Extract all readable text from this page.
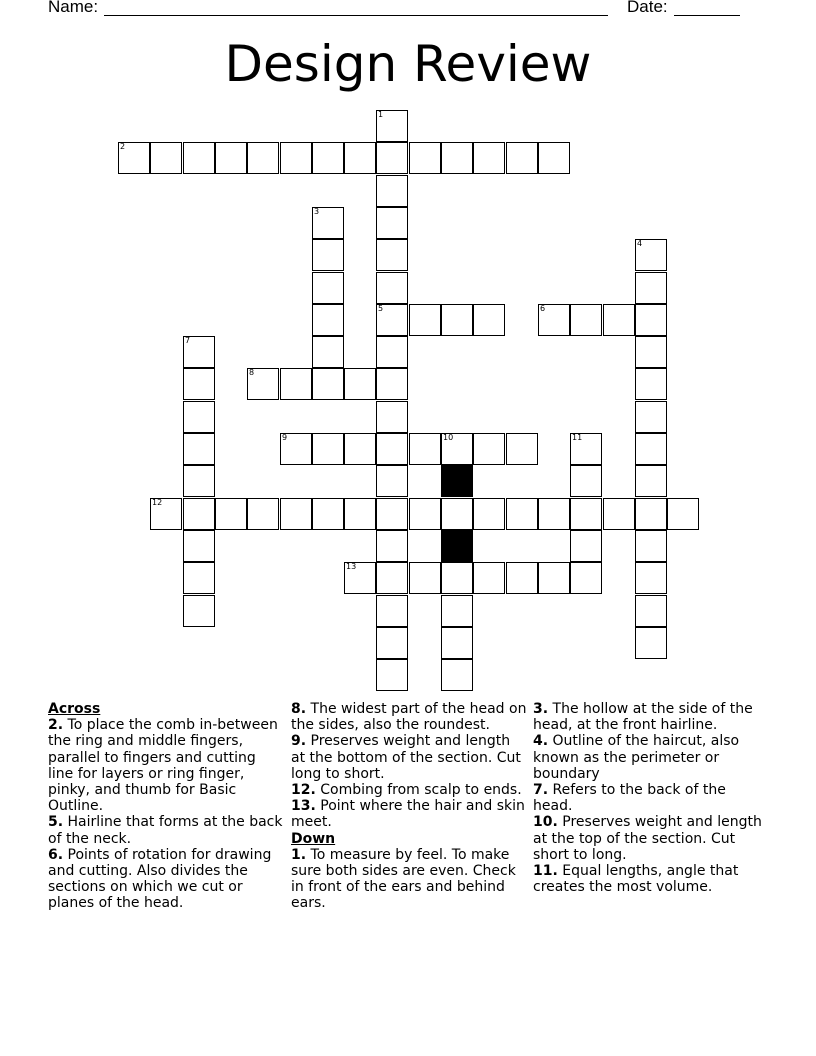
Name:	Date:
Design Review
2
5	6
8
9	10
12
13
1
3
4
7
11
Across
2. To place the comb in-between the ring and middle fingers, parallel to fingers and cutting line for layers or ring finger, pinky, and thumb for Basic Outline.
5. Hairline that forms at the back of the neck.
6. Points of rotation for drawing and cutting. Also divides the sections on which we cut or planes of the head.
8. The widest part of the head on the sides, also the roundest.
9. Preserves weight and length at the bottom of the section. Cut long to short.
12. Combing from scalp to ends.
13. Point where the hair and skin meet.
Down
1. To measure by feel. To make sure both sides are even. Check in front of the ears and behind ears.
3. The hollow at the side of the head, at the front hairline.
4. Outline of the haircut, also known as the perimeter or boundary
7. Refers to the back of the head.
10. Preserves weight and length at the top of the section. Cut short to long.
11. Equal lengths, angle that creates the most volume.
